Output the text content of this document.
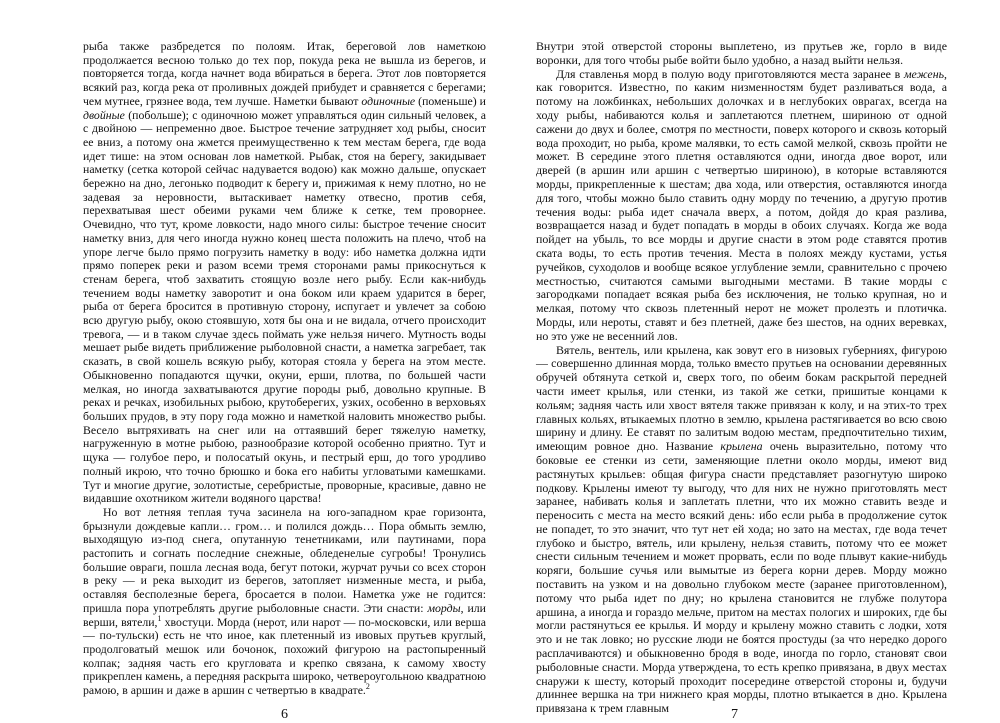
рыба также разбредется по полоям. Итак, береговой лов наметкою продолжается весною только до тех пор, покуда река не вышла из берегов, и повторяется тогда, когда начнет вода вбираться в берега. Этот лов повторяется всякий раз, когда река от проливных дождей прибудет и сравняется с берегами; чем мутнее, грязнее вода, тем лучше. Наметки бывают одиночные (поменьше) и двойные (побольше); с одиночною может управляться один сильный человек, а с двойною — непременно двое. Быстрое течение затрудняет ход рыбы, сносит ее вниз, а потому она жмется преимущественно к тем местам берега, где вода идет тише: на этом основан лов наметкой. Рыбак, стоя на берегу, закидывает наметку (сетка которой сейчас надувается водою) как можно дальше, опускает бережно на дно, легонько подводит к берегу и, прижимая к нему плотно, но не задевая за неровности, вытаскивает наметку отвесно, против себя, перехватывая шест обеими руками чем ближе к сетке, тем проворнее. Очевидно, что тут, кроме ловкости, надо много силы: быстрое течение сносит наметку вниз, для чего иногда нужно конец шеста положить на плечо, чтоб на упоре легче было прямо погрузить наметку в воду: ибо наметка должна идти прямо поперек реки и разом всеми тремя сторонами рамы прикоснуться к стенам берега, чтоб захватить стоящую возле него рыбу. Если как-нибудь течением воды наметку заворотит и она боком или краем ударится в берег, рыба от берега бросится в противную сторону, испугает и увлечет за собою всю другую рыбу, окою стоявшую, хотя бы она и не видала, отчего происходит тревога, — и в таком случае здесь поймать уже нельзя ничего. Мутность воды мешает рыбе видеть приближение рыболовной снасти, а наметка загребает, так сказать, в свой кошель всякую рыбу, которая стояла у берега на этом месте. Обыкновенно попадаются щучки, окуни, ерши, плотва, по большей части мелкая, но иногда захватываются другие породы рыб, довольно крупные. В реках и речках, изобильных рыбою, крутоберегих, узких, особенно в верховьях больших прудов, в эту пору года можно и наметкой наловить множество рыбы. Весело вытряхивать на снег или на оттаявший берег тяжелую наметку, нагруженную в мотне рыбою, разнообразие которой особенно приятно. Тут и щука — голубое перо, и полосатый окунь, и пестрый ерш, до того уродливо полный икрою, что точно брюшко и бока его набиты угловатыми камешками. Тут и многие другие, золотистые, серебристые, проворные, красивые, давно не видавшие охотником жители водяного царства!

Но вот летняя теплая туча засинела на юго-западном крае горизонта, брызнули дождевые капли… гром… и полился дождь… Пора обмыть землю, выходящую из-под снега, опутанную тенетниками, или паутинами, пора растопить и согнать последние снежные, обледенелые сугробы! Тронулись большие овраги, пошла лесная вода, бегут потоки, журчат ручьи со всех сторон в реку — и река выходит из берегов, затопляет низменные места, и рыба, оставляя бесполезные берега, бросается в полои. Наметка уже не годится: пришла пора употреблять другие рыболовные снасти. Эти снасти: морды, или верши, вятели,$^1$ хвостуци. Морда (нерот, или нарот — по-московски, или верша — по-тульски) есть не что иное, как плетенный из ивовых прутьев круглый, продолговатый мешок или бочонок, похожий фигурою на растопыренный колпак; задняя часть его кругловата и крепко связана, к самому хвосту прикреплен камень, а передняя раскрыта широко, четвероугольною квадратною рамою, в аршин и даже в аршин с четвертью в квадрате.$^2$

6

Внутри этой отверстой стороны выплетено, из прутьев же, горло в виде воронки, для того чтобы рыбе войти было удобно, а назад выйти нельзя.

Для ставленья морд в полую воду приготовляются места заранее в межень, как говорится. Известно, по каким низменностям будет разливаться вода, а потому на ложбинках, небольших долочках и в неглубоких оврагах, всегда на ходу рыбы, набиваются колья и заплетаются плетнем, шириною от одной сажени до двух и более, смотря по местности, поверх которого и сквозь который вода проходит, но рыба, кроме малявки, то есть самой мелкой, сквозь пройти не может. В середине этого плетня оставляются одни, иногда двое ворот, или дверей (в аршин или аршин с четвертью шириною), в которые вставляются морды, прикрепленные к шестам; два хода, или отверстия, оставляются иногда для того, чтобы можно было ставить одну морду по течению, а другую против течения воды: рыба идет сначала вверх, а потом, дойдя до края разлива, возвращается назад и будет попадать в морды в обоих случаях. Когда же вода пойдет на убыль, то все морды и другие снасти в этом роде ставятся против ската воды, то есть против течения. Места в полоях между кустами, устья ручейков, суходолов и вообще всякое углубление земли, сравнительно с прочею местностью, считаются самыми выгодными местами. В такие морды с загородками попадает всякая рыба без исключения, не только крупная, но и мелкая, потому что сквозь плетенный нерот не может пролезть и плотичка. Морды, или нероты, ставят и без плетней, даже без шестов, на одних веревках, но это уже не весенний лов.

Вятель, вентель, или крылена, как зовут его в низовых губерниях, фигурою — совершенно длинная морда, только вместо прутьев на основании деревянных обручей обтянута сеткой и, сверх того, по обеим бокам раскрытой передней части имеет крылья, или стенки, из такой же сетки, пришитые концами к кольям; задняя часть или хвост вятеля также привязан к колу, и на этих-то трех главных кольях, втыкаемых плотно в землю, крылена растягивается во всю свою ширину и длину. Ее ставят по залитым водою местам, предпочтительно тихим, имеющим ровное дно. Название крылена очень выразительно, потому что боковые ее стенки из сети, заменяющие плетни около морды, имеют вид растянутых крыльев: общая фигура снасти представляет разогнутую широко подкову. Крылены имеют ту выгоду, что для них не нужно приготовлять мест заранее, набивать колья и заплетать плетни, что их можно ставить везде и переносить с места на место всякий день: ибо если рыба в продолжение суток не попадет, то это значит, что тут нет ей хода; но зато на местах, где вода течет глубоко и быстро, вятель, или крылену, нельзя ставить, потому что ее может снести сильным течением и может прорвать, если по воде плывут какие-нибудь коряги, большие сучья или вымытые из берега корни дерев. Морду можно поставить на узком и на довольно глубоком месте (заранее приготовленном), потому что рыба идет по дну; но крылена становится не глубже полутора аршина, а иногда и гораздо мельче, притом на местах пологих и широких, где бы могли растянуться ее крылья. И морду и крылену можно ставить с лодки, хотя это и не так ловко; но русские люди не боятся простуды (за что нередко дорого расплачиваются) и обыкновенно бродя в воде, иногда по горло, становят свои рыболовные снасти. Морда утверждена, то есть крепко привязана, в двух местах снаружи к шесту, который проходит посередине отверстой стороны и, будучи длиннее вершка на три нижнего края морды, плотно втыкается в дно. Крылена привязана к трем главным	7
